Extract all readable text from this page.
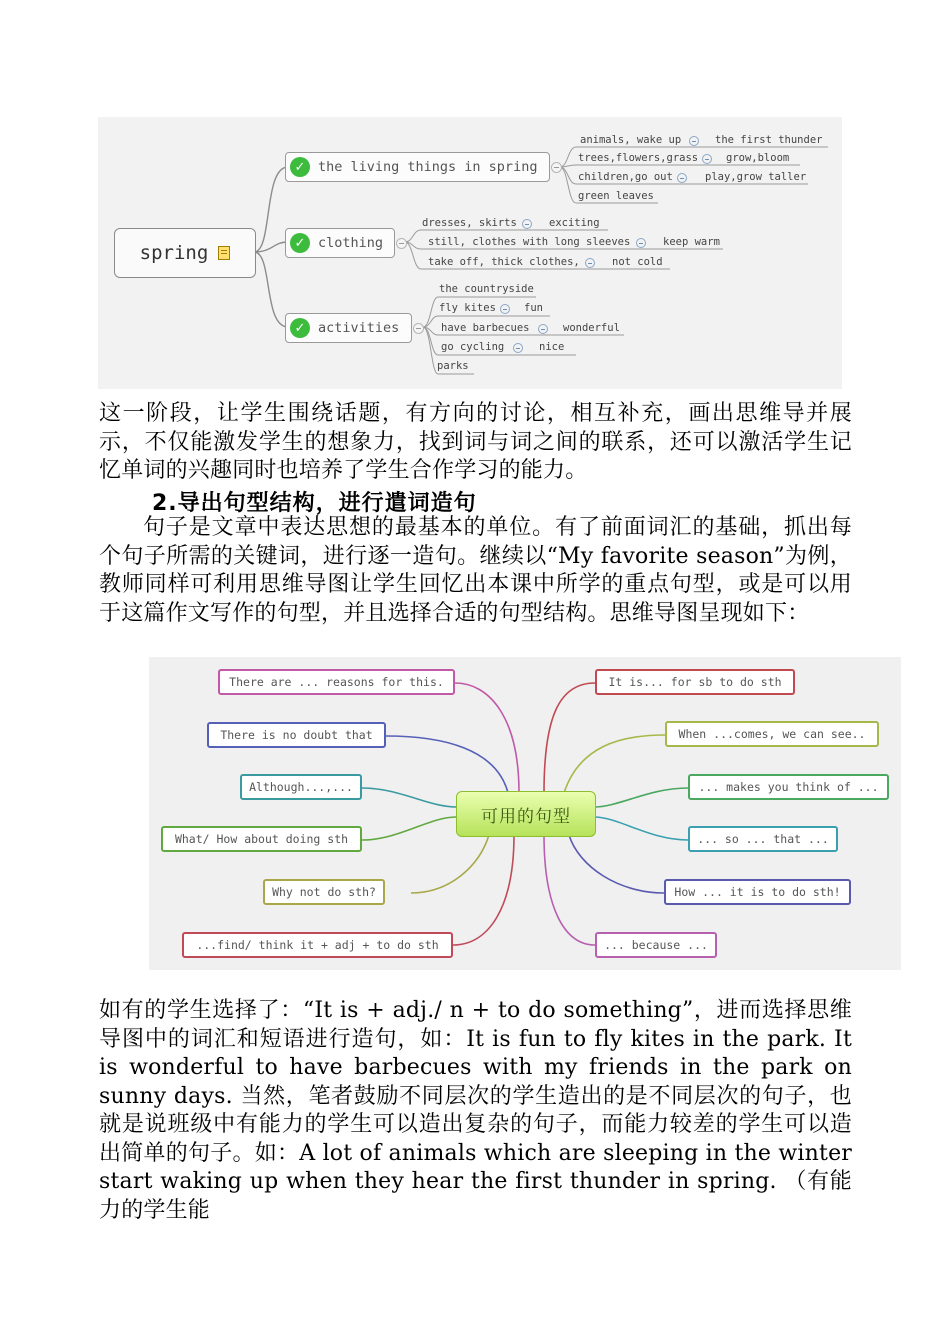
spring
✓ the living things in spring
✓ clothing
✓ activities
animals, wake up	the first thunder
trees,flowers,grass	grow,bloom
children,go out	play,grow taller
green leaves
dresses, skirts	exciting
still, clothes with long sleeves	keep warm
take off, thick clothes,	not cold
the countryside
fly kites	fun
have barbecues	wonderful
go cycling	nice
parks
这一阶段，让学生围绕话题，有方向的讨论，相互补充，画出思维导并展示，不仅能激发学生的想象力，找到词与词之间的联系，还可以激活学生记忆单词的兴趣同时也培养了学生合作学习的能力。
2.导出句型结构，进行遣词造句
句子是文章中表达思想的最基本的单位。有了前面词汇的基础，抓出每个句子所需的关键词，进行逐一造句。继续以“My favorite season”为例，教师同样可利用思维导图让学生回忆出本课中所学的重点句型，或是可以用于这篇作文写作的句型，并且选择合适的句型结构。思维导图呈现如下：
可用的句型
There are ... reasons for this.
There is no doubt that
Although...,...
What/ How about doing sth
Why not do sth?
...find/ think it + adj + to do sth
It is... for sb to do sth
When ...comes, we can see..
... makes you think of ...
... so ... that ...
How ... it is to do sth!
... because ...
如有的学生选择了：“It is + adj./ n + to do something”，进而选择思维导图中的词汇和短语进行造句，如：It is fun to fly kites in the park. It is wonderful to have barbecues with my friends in the park on sunny days. 当然，笔者鼓励不同层次的学生造出的是不同层次的句子，也就是说班级中有能力的学生可以造出复杂的句子，而能力较差的学生可以造出简单的句子。如：A lot of animals which are sleeping in the winter start waking up when they hear the first thunder in spring. （有能力的学生能
